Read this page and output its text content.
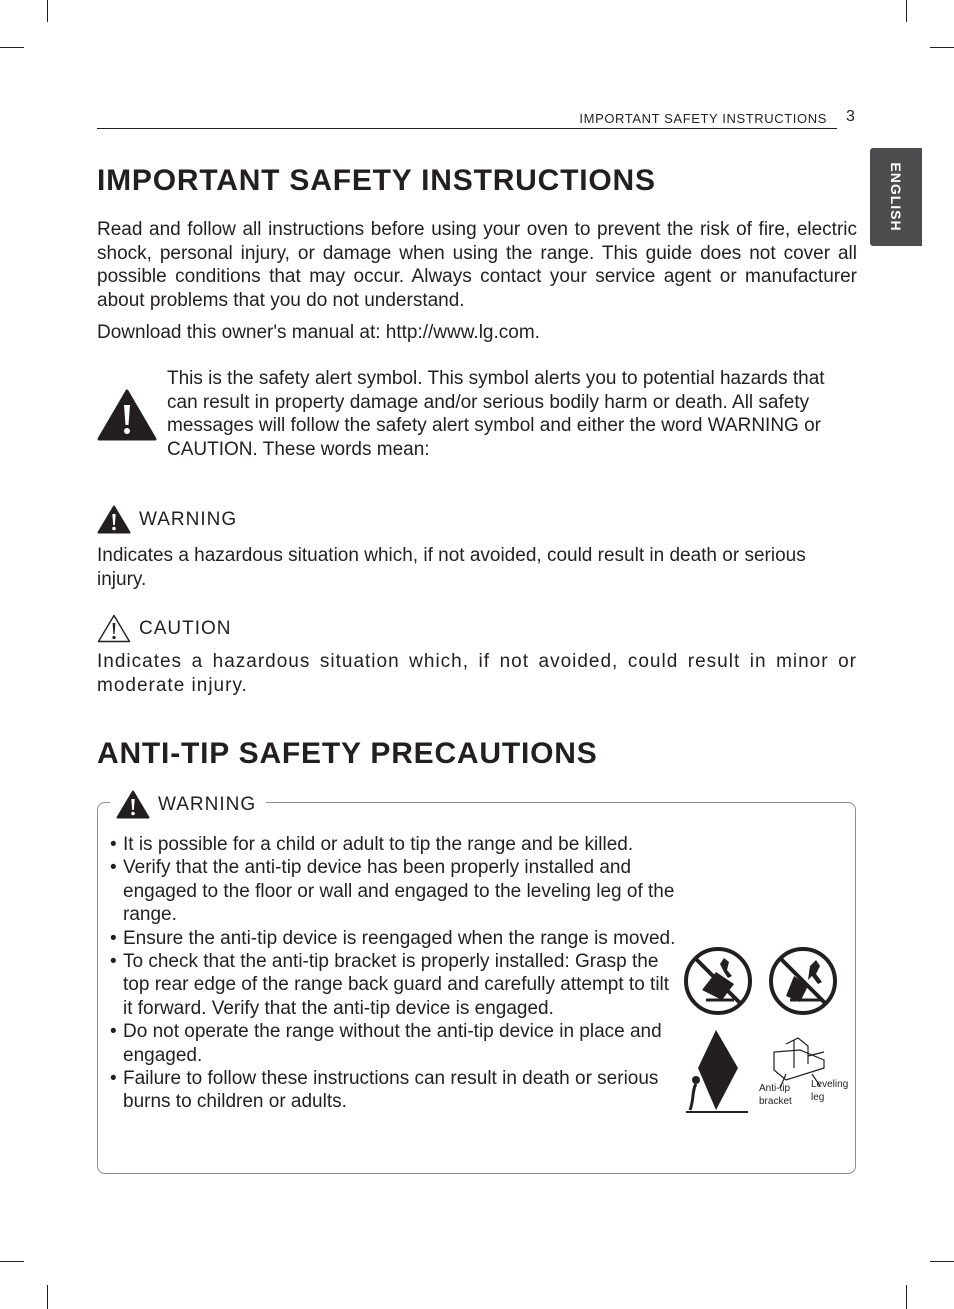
IMPORTANT SAFETY INSTRUCTIONS 3
ENGLISH
IMPORTANT SAFETY INSTRUCTIONS

Read and follow all instructions before using your oven to prevent the risk of fire, electric shock, personal injury, or damage when using the range. This guide does not cover all possible conditions that may occur. Always contact your service agent or manufacturer about problems that you do not understand.

Download this owner's manual at: http://www.lg.com.

This is the safety alert symbol. This symbol alerts you to potential hazards that can result in property damage and/or serious bodily harm or death. All safety messages will follow the safety alert symbol and either the word WARNING or CAUTION. These words mean:

WARNING

Indicates a hazardous situation which, if not avoided, could result in death or serious injury.

CAUTION

Indicates a hazardous situation which, if not avoided, could result in minor or moderate injury.

ANTI-TIP SAFETY PRECAUTIONS
WARNING
• It is possible for a child or adult to tip the range and be killed.
• Verify that the anti-tip device has been properly installed and engaged to the floor or wall and engaged to the leveling leg of the range.
• Ensure the anti-tip device is reengaged when the range is moved.
• To check that the anti-tip bracket is properly installed: Grasp the top rear edge of the range back guard and carefully attempt to tilt it forward. Verify that the anti-tip device is engaged.
• Do not operate the range without the anti-tip device in place and engaged.
• Failure to follow these instructions can result in death or serious burns to children or adults.
Anti-tip bracket
Leveling leg
